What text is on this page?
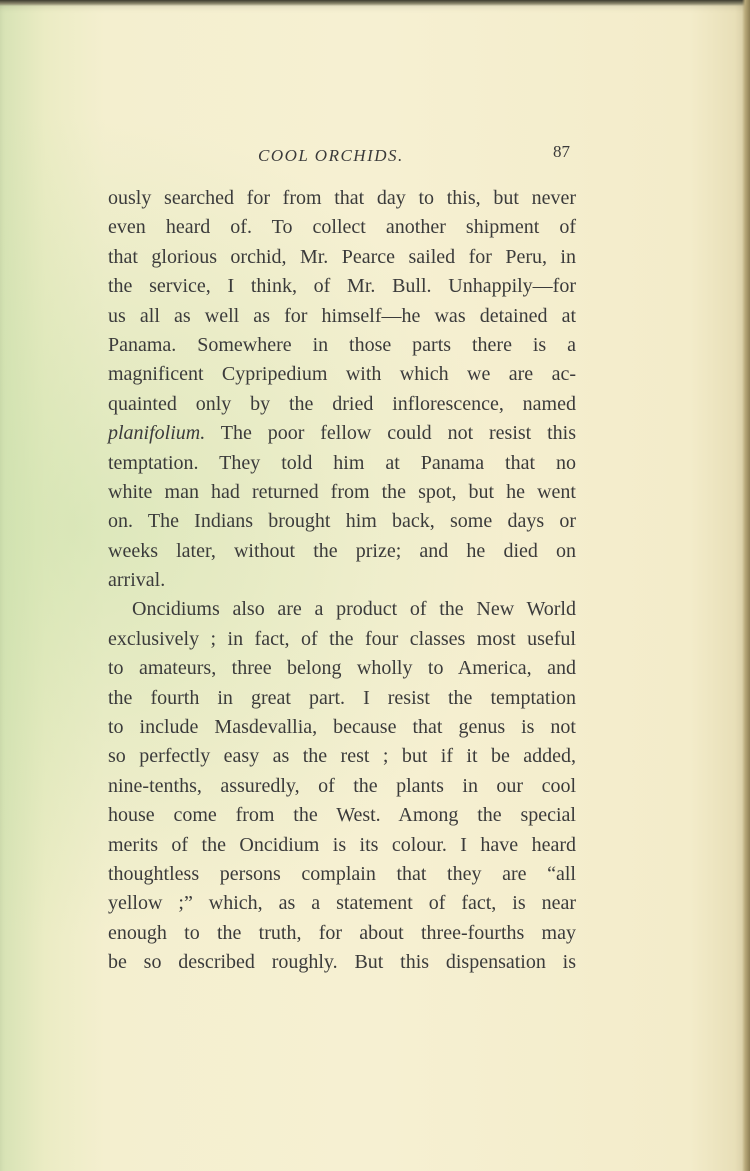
COOL ORCHIDS.	87
ously searched for from that day to this, but never
even heard of. To collect another shipment of
that glorious orchid, Mr. Pearce sailed for Peru, in
the service, I think, of Mr. Bull. Unhappily—for
us all as well as for himself—he was detained at
Panama. Somewhere in those parts there is a
magnificent Cypripedium with which we are ac-
quainted only by the dried inflorescence, named
planifolium. The poor fellow could not resist this
temptation. They told him at Panama that no
white man had returned from the spot, but he went
on. The Indians brought him back, some days or
weeks later, without the prize; and he died on
arrival.
Oncidiums also are a product of the New World
exclusively ; in fact, of the four classes most useful
to amateurs, three belong wholly to America, and
the fourth in great part. I resist the temptation
to include Masdevallia, because that genus is not
so perfectly easy as the rest ; but if it be added,
nine-tenths, assuredly, of the plants in our cool
house come from the West. Among the special
merits of the Oncidium is its colour. I have heard
thoughtless persons complain that they are “all
yellow ;” which, as a statement of fact, is near
enough to the truth, for about three-fourths may
be so described roughly. But this dispensation is
